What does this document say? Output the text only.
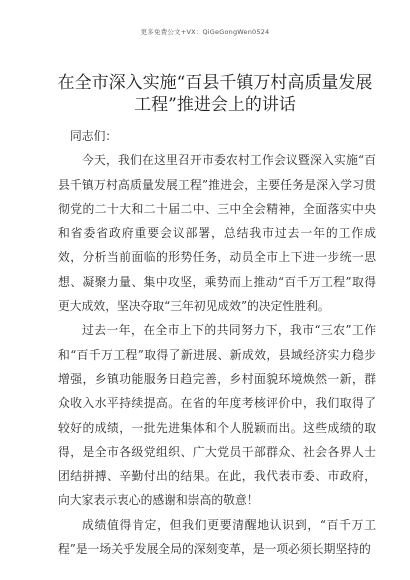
更多免费公文+VX：QiGeGongWen0524
在全市深入实施“百县千镇万村高质量发展工程”推进会上的讲话

同志们：

今天，我们在这里召开市委农村工作会议暨深入实施“百县千镇万村高质量发展工程”推进会，主要任务是深入学习贯彻党的二十大和二十届二中、三中全会精神，全面落实中央和省委省政府重要会议部署，总结我市过去一年的工作成效，分析当前面临的形势任务，动员全市上下进一步统一思想、凝聚力量、集中攻坚，乘势而上推动“百千万工程”取得更大成效，坚决夺取“三年初见成效”的决定性胜利。

过去一年，在全市上下的共同努力下，我市“三农”工作和“百千万工程”取得了新进展、新成效，县域经济实力稳步增强，乡镇功能服务日趋完善，乡村面貌环境焕然一新，群众收入水平持续提高。在省的年度考核评价中，我们取得了较好的成绩，一批先进集体和个人脱颖而出。这些成绩的取得，是全市各级党组织、广大党员干部群众、社会各界人士团结拼搏、辛勤付出的结果。在此，我代表市委、市政府，向大家表示衷心的感谢和崇高的敬意！

成绩值得肯定，但我们更要清醒地认识到，“百千万工程”是一场关乎发展全局的深刻变革，是一项必须长期坚持的
